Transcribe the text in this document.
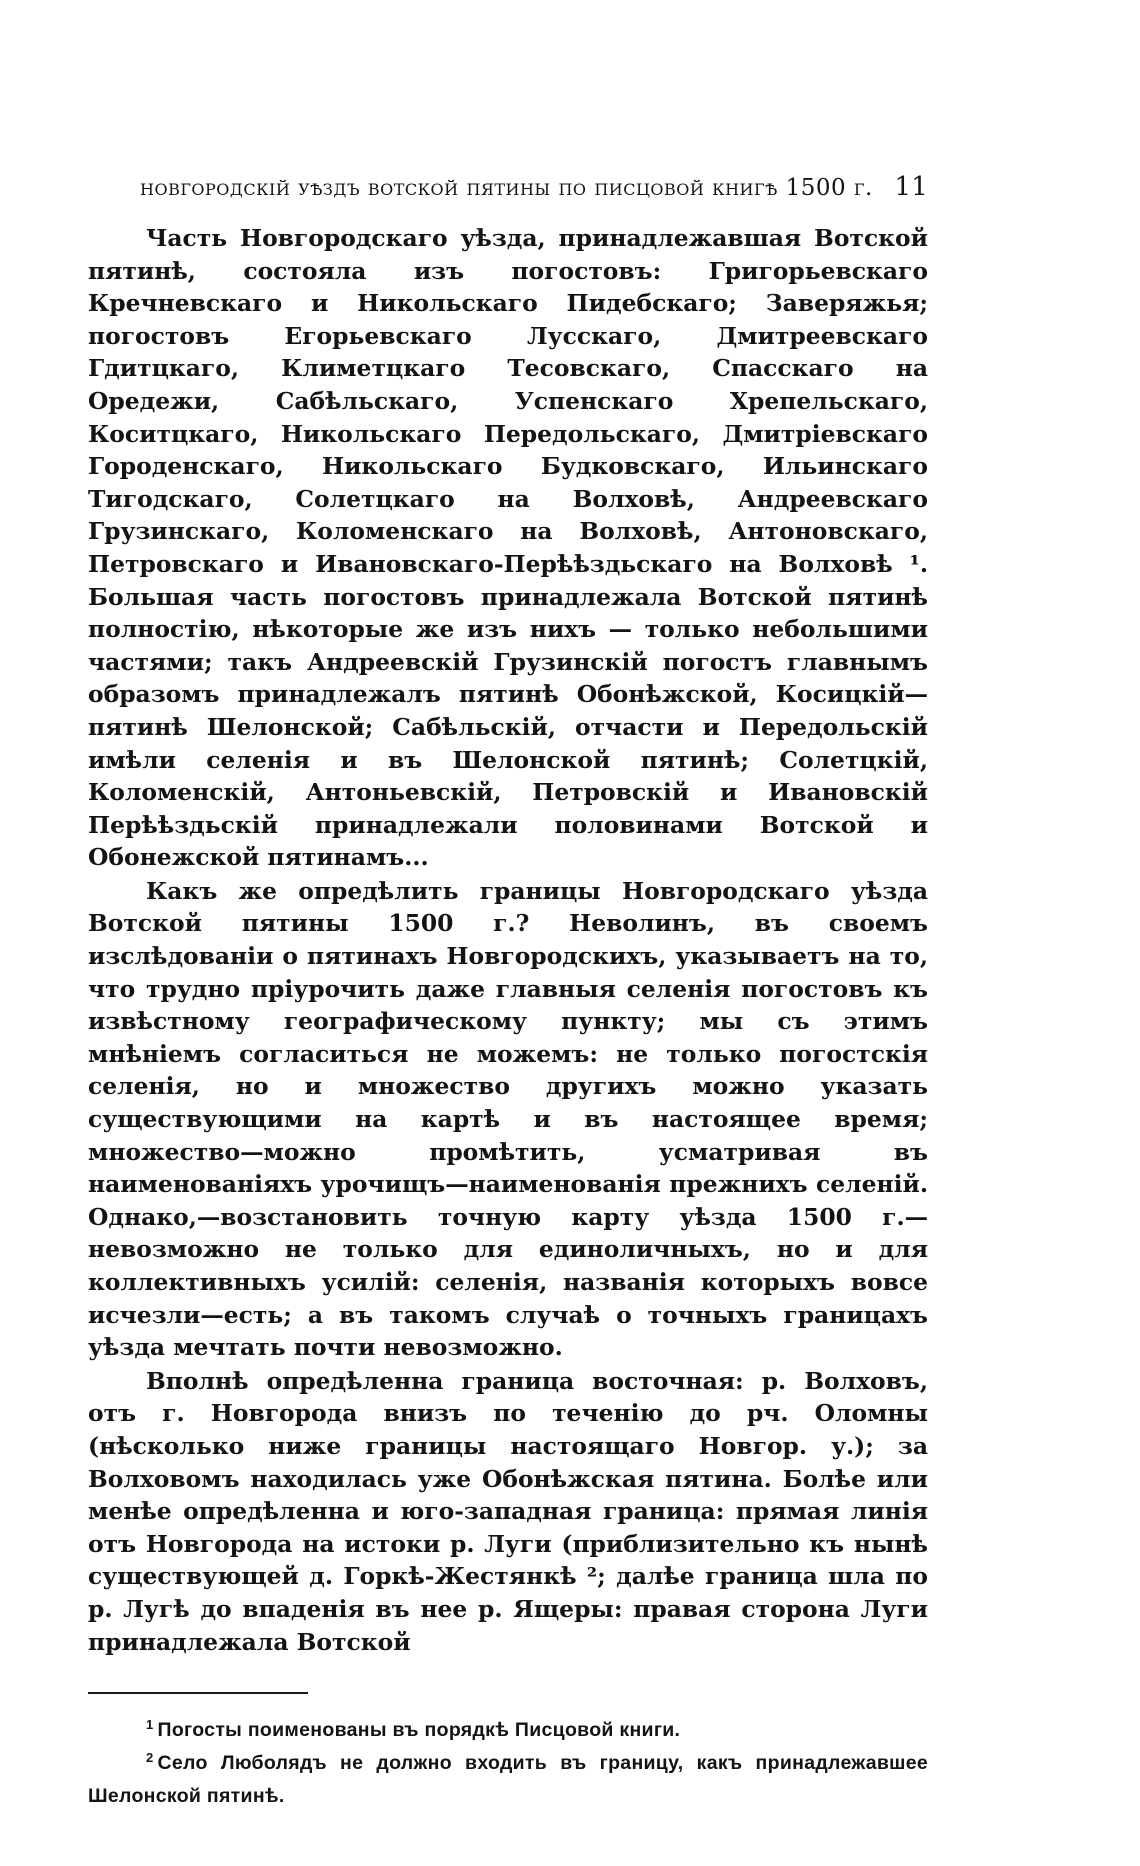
новгородскій уѣздъ вотской пятины по писцовой книгѣ 1500 г. 11

Часть Новгородскаго уѣзда, принадлежавшая Вотской пятинѣ, состояла изъ погостовъ: Григорьевскаго Кречневскаго и Никольскаго Пидебскаго; Заверяжья; погостовъ Егорьевскаго Лусскаго, Дмитреевскаго Гдитцкаго, Климетцкаго Тесовскаго, Спасскаго на Оредежи, Сабѣльскаго, Успенскаго Хрепельскаго, Коситцкаго, Никольскаго Передольскаго, Дмитріевскаго Городенскаго, Никольскаго Будковскаго, Ильинскаго Тигодскаго, Солетцкаго на Волховѣ, Андреевскаго Грузинскаго, Коломенскаго на Волховѣ, Антоновскаго, Петровскаго и Ивановскаго-Перѣѣздьскаго на Волховѣ ¹. Большая часть погостовъ принадлежала Вотской пятинѣ полностію, нѣкоторые же изъ нихъ — только небольшими частями; такъ Андреевскій Грузинскій погостъ главнымъ образомъ принадлежалъ пятинѣ Обонѣжской, Косицкій—пятинѣ Шелонской; Сабѣльскій, отчасти и Передольскій имѣли селенія и въ Шелонской пятинѣ; Солетцкій, Коломенскій, Антоньевскій, Петровскій и Ивановскій Перѣѣздьскій принадлежали половинами Вотской и Обонежской пятинамъ...

Какъ же опредѣлить границы Новгородскаго уѣзда Вотской пятины 1500 г.? Неволинъ, въ своемъ изслѣдованіи о пятинахъ Новгородскихъ, указываетъ на то, что трудно пріурочить даже главныя селенія погостовъ къ извѣстному географическому пункту; мы съ этимъ мнѣніемъ согласиться не можемъ: не только погостскія селенія, но и множество другихъ можно указать существующими на картѣ и въ настоящее время; множество—можно промѣтить, усматривая въ наименованіяхъ урочищъ—наименованія прежнихъ селеній. Однако,—возстановить точную карту уѣзда 1500 г.—невозможно не только для единоличныхъ, но и для коллективныхъ усилій: селенія, названія которыхъ вовсе исчезли—есть; а въ такомъ случаѣ о точныхъ границахъ уѣзда мечтать почти невозможно.

Вполнѣ опредѣленна граница восточная: р. Волховъ, отъ г. Новгорода внизъ по теченію до рч. Оломны (нѣсколько ниже границы настоящаго Новгор. у.); за Волховомъ находилась уже Обонѣжская пятина. Болѣе или менѣе опредѣленна и юго-западная граница: прямая линія отъ Новгорода на истоки р. Луги (приблизительно къ нынѣ существующей д. Горкѣ-Жестянкѣ ²; далѣе граница шла по р. Лугѣ до впаденія въ нее р. Ящеры: правая сторона Луги принадлежала Вотской

$^1$ Погосты поименованы въ порядкѣ Писцовой книги.

$^2$ Село Люболядъ не должно входить въ границу, какъ принадлежавшее Шелонской пятинѣ.
